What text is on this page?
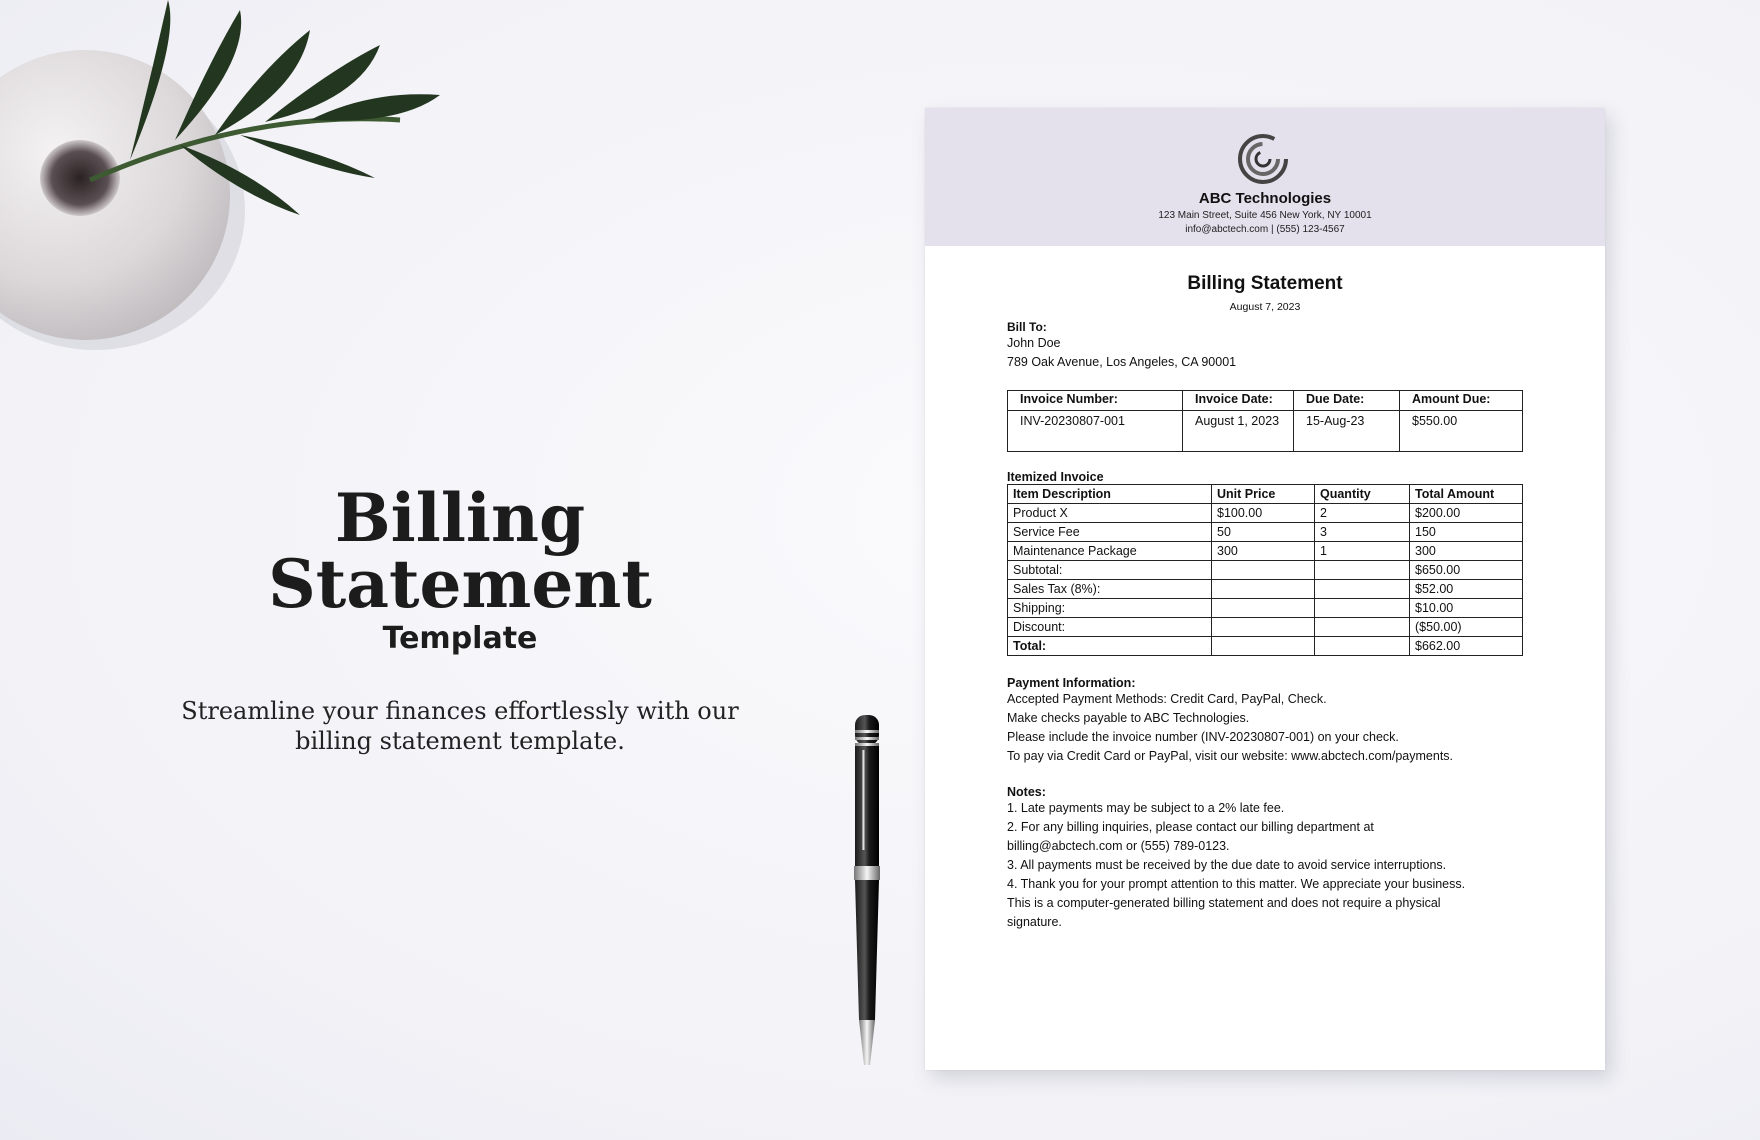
Billing Statement
Template
Streamline your finances effortlessly with our
billing statement template.
ABC Technologies
123 Main Street, Suite 456 New York, NY 10001
info@abctech.com | (555) 123-4567
Billing Statement
August 7, 2023
Bill To:
John Doe
789 Oak Avenue, Los Angeles, CA 90001
Invoice Number:	Invoice Date:	Due Date:	Amount Due:
INV-20230807-001	August 1, 2023	15-Aug-23	$550.00
Itemized Invoice
Item Description	Unit Price	Quantity	Total Amount
Product X	$100.00	2	$200.00
Service Fee	50	3	150
Maintenance Package	300	1	300
Subtotal:			$650.00
Sales Tax (8%):			$52.00
Shipping:			$10.00
Discount:			($50.00)
Total:			$662.00
Payment Information:
Accepted Payment Methods: Credit Card, PayPal, Check.
Make checks payable to ABC Technologies.
Please include the invoice number (INV-20230807-001) on your check.
To pay via Credit Card or PayPal, visit our website: www.abctech.com/payments.
Notes:
1. Late payments may be subject to a 2% late fee.
2. For any billing inquiries, please contact our billing department at
billing@abctech.com or (555) 789-0123.
3. All payments must be received by the due date to avoid service interruptions.
4. Thank you for your prompt attention to this matter. We appreciate your business.
This is a computer-generated billing statement and does not require a physical
signature.
